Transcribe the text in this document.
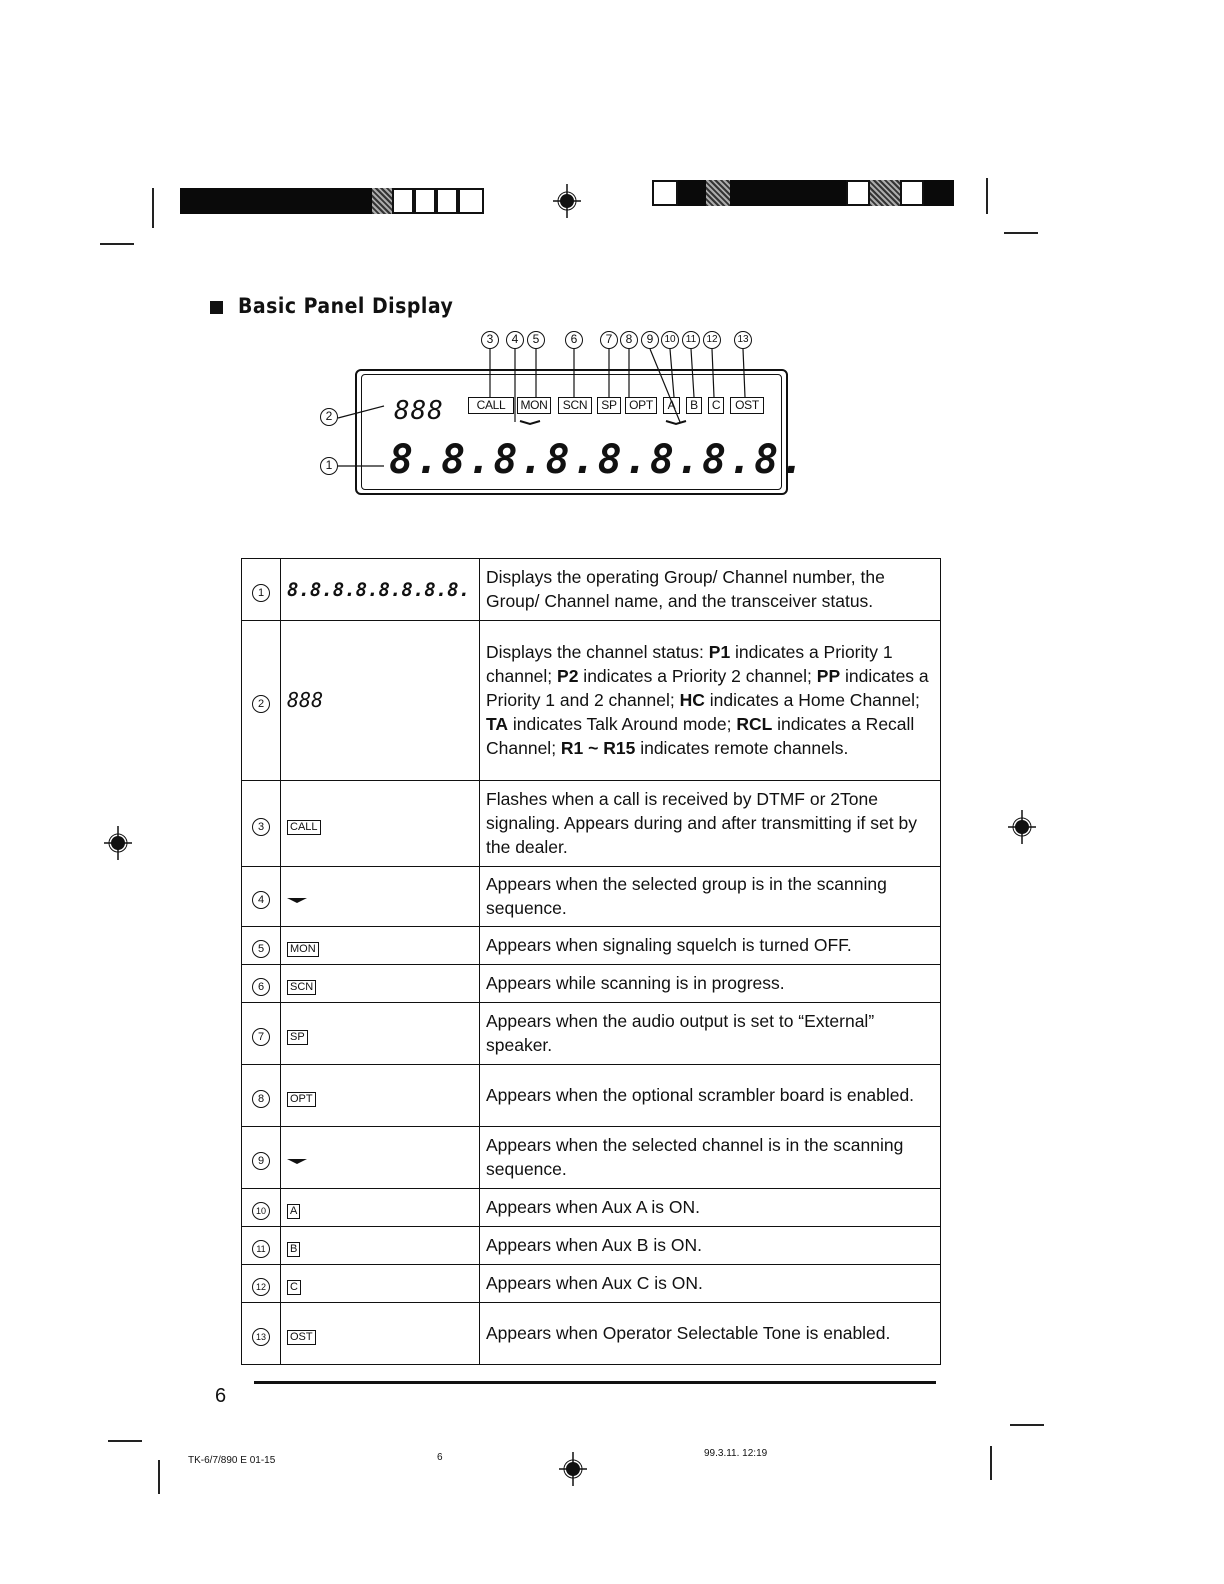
Basic Panel Display
3	4	5	6	7	8	9	10	11	12	13
2
1
888	CALL	MON	SCN	SP	OPT	A	B	C	OST
8.8.8.8.8.8.8.8.
1	8.8.8.8.8.8.8.8.	Displays the operating Group/ Channel number, the Group/ Channel name, and the transceiver status.
2	888	Displays the channel status: P1 indicates a Priority 1 channel; P2 indicates a Priority 2 channel; PP indicates a Priority 1 and 2 channel; HC indicates a Home Channel; TA indicates Talk Around mode; RCL indicates a Recall Channel; R1 ~ R15 indicates remote channels.
3	CALL	Flashes when a call is received by DTMF or 2Tone signaling. Appears during and after transmitting if set by the dealer.
4		Appears when the selected group is in the scanning sequence.
5	MON	Appears when signaling squelch is turned OFF.
6	SCN	Appears while scanning is in progress.
7	SP	Appears when the audio output is set to “External” speaker.
8	OPT	Appears when the optional scrambler board is enabled.
9		Appears when the selected channel is in the scanning sequence.
10	A	Appears when Aux A is ON.
11	B	Appears when Aux B is ON.
12	C	Appears when Aux C is ON.
13	OST	Appears when Operator Selectable Tone is enabled.
6
TK-6/7/890 E 01-15	6	99.3.11. 12:19
